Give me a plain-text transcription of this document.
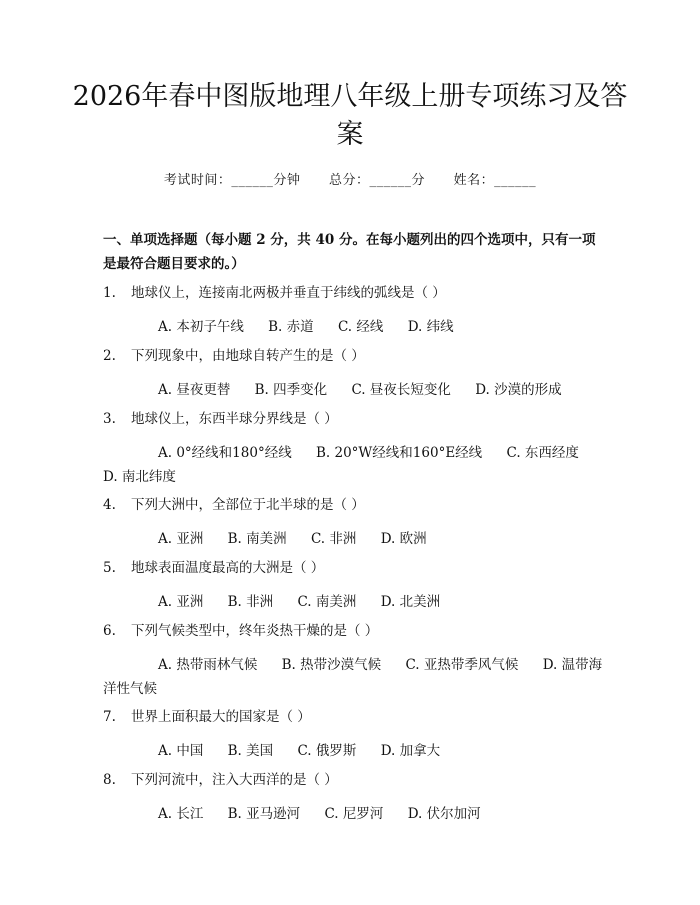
2026年春中图版地理八年级上册专项练习及答案
考试时间：______分钟 总分：______分 姓名：______

一、单项选择题（每小题 2 分，共 40 分。在每小题列出的四个选项中，只有一项是最符合题目要求的。）

1. 地球仪上，连接南北两极并垂直于纬线的弧线是（ ）
A. 本初子午线 B. 赤道 C. 经线 D. 纬线
2. 下列现象中，由地球自转产生的是（ ）
A. 昼夜更替 B. 四季变化 C. 昼夜长短变化 D. 沙漠的形成
3. 地球仪上，东西半球分界线是（ ）
A. 0°经线和180°经线 B. 20°W经线和160°E经线 C. 东西经度 D. 南北纬度
4. 下列大洲中，全部位于北半球的是（ ）
A. 亚洲 B. 南美洲 C. 非洲 D. 欧洲
5. 地球表面温度最高的大洲是（ ）
A. 亚洲 B. 非洲 C. 南美洲 D. 北美洲
6. 下列气候类型中，终年炎热干燥的是（ ）
A. 热带雨林气候 B. 热带沙漠气候 C. 亚热带季风气候 D. 温带海洋性气候
7. 世界上面积最大的国家是（ ）
A. 中国 B. 美国 C. 俄罗斯 D. 加拿大
8. 下列河流中，注入大西洋的是（ ）
A. 长江 B. 亚马逊河 C. 尼罗河 D. 伏尔加河
